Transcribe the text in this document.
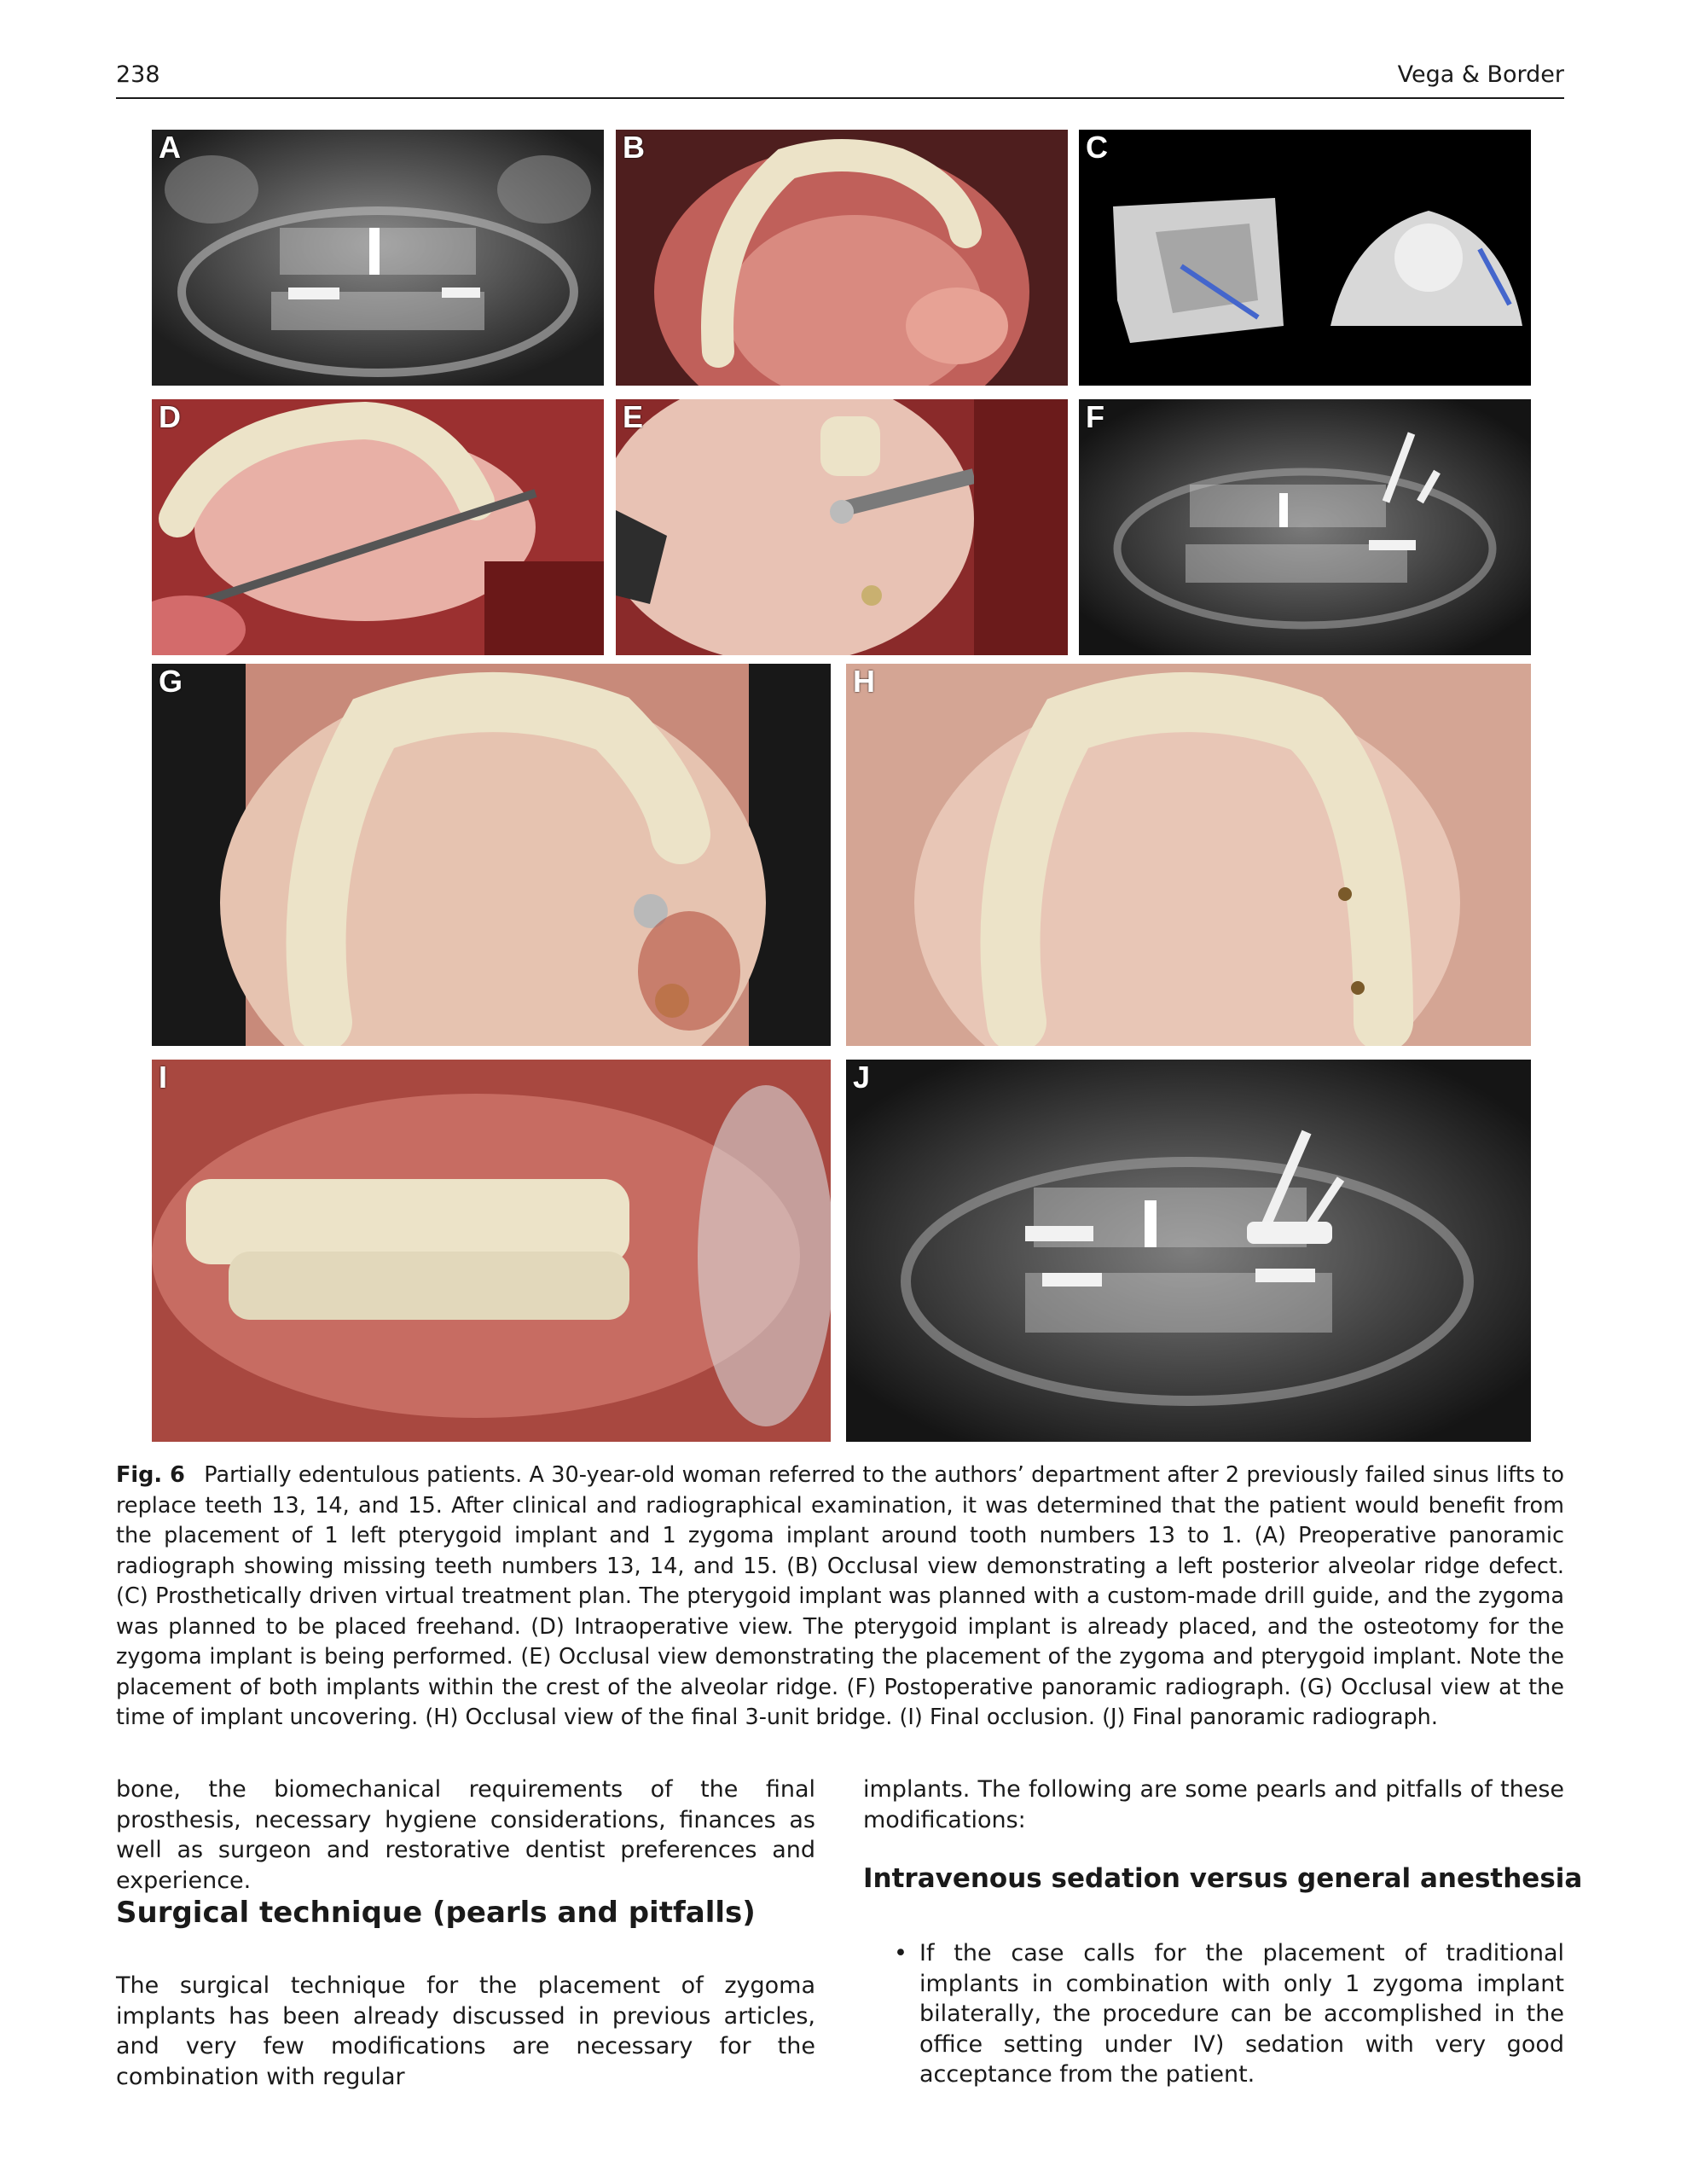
238	Vega & Border
A	B	C
D	E	F
G	H
I	J
Fig. 6 Partially edentulous patients. A 30-year-old woman referred to the authors’ department after 2 previously failed sinus lifts to replace teeth 13, 14, and 15. After clinical and radiographical examination, it was determined that the patient would benefit from the placement of 1 left pterygoid implant and 1 zygoma implant around tooth numbers 13 to 1. (A) Preoperative panoramic radiograph showing missing teeth numbers 13, 14, and 15. (B) Occlusal view demonstrating a left posterior alveolar ridge defect. (C) Prosthetically driven virtual treatment plan. The pterygoid implant was planned with a custom-made drill guide, and the zygoma was planned to be placed freehand. (D) Intraoperative view. The pterygoid implant is already placed, and the osteotomy for the zygoma implant is being performed. (E) Occlusal view demonstrating the placement of the zygoma and pterygoid implant. Note the placement of both implants within the crest of the alveolar ridge. (F) Postoperative panoramic radiograph. (G) Occlusal view at the time of implant uncovering. (H) Occlusal view of the final 3-unit bridge. (I) Final occlusion. (J) Final panoramic radiograph.

bone, the biomechanical requirements of the final prosthesis, necessary hygiene considerations, finances as well as surgeon and restorative dentist preferences and experience.

Surgical technique (pearls and pitfalls)
The surgical technique for the placement of zygoma implants has been already discussed in previous articles, and very few modifications are necessary for the combination with regular

implants. The following are some pearls and pitfalls of these modifications:

Intravenous sedation versus general anesthesia
• If the case calls for the placement of traditional implants in combination with only 1 zygoma implant bilaterally, the procedure can be accomplished in the office setting under IV) sedation with very good acceptance from the patient.
